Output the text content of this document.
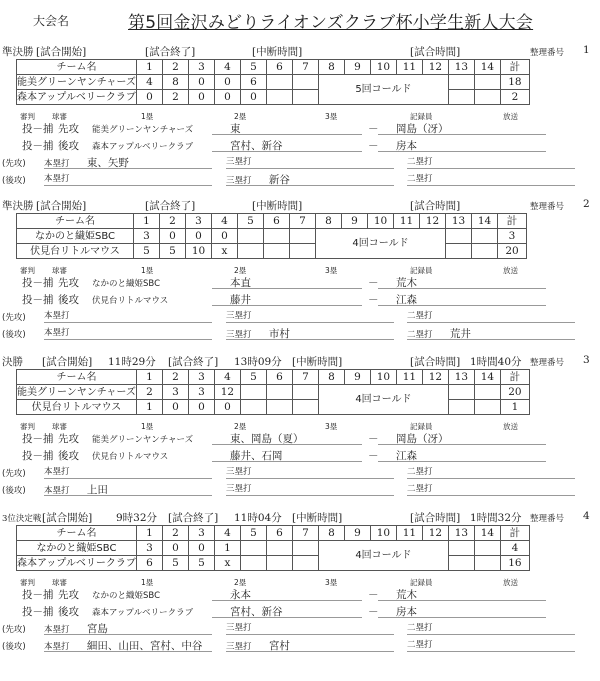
大会名	第5回金沢みどりライオンズクラブ杯小学生新人大会
準決勝 [試合開始]	[試合終了]	[中断時間]	[試合時間]	整理番号 1
チーム名	1	2	3	4	5	6	7	8	9	10	11	12	13	14	計
能美グリーンヤンチャーズ	4	8	0	0	6			5回コールド							18
森本アップルベリークラブ	0	2	0	0	0										2
審判 球審	1塁	2塁	3塁	記録員	放送
投－捕 先攻 能美グリーンヤンチャーズ	東	－	岡島（冴）
投－捕 後攻 森本アップルベリークラブ	宮村、新谷	－	房本
(先攻) 本塁打 東、矢野	三塁打	二塁打
(後攻) 本塁打	三塁打 新谷	二塁打
準決勝 [試合開始]	[試合終了]	[中断時間]	[試合時間]	整理番号 2
チーム名	1	2	3	4	5	6	7	8	9	10	11	12	13	14	計
なかのと繊姫SBC	3	0	0	0				4回コールド							3
伏見台リトルマウス	5	5	10	x											20
審判 球審	1塁	2塁	3塁	記録員	放送
投－捕 先攻 なかのと繊姫SBC	本直	－	荒木
投－捕 後攻 伏見台リトルマウス	藤井	－	江森
(先攻) 本塁打	三塁打	二塁打
(後攻) 本塁打	三塁打 市村	二塁打 荒井
決勝 [試合開始] 11時29分 [試合終了] 13時09分 [中断時間]	[試合時間] 1時間40分 整理番号 3
チーム名	1	2	3	4	5	6	7	8	9	10	11	12	13	14	計
能美グリーンヤンチャーズ	2	3	3	12				4回コールド							20
伏見台リトルマウス	1	0	0	0											1
審判 球審	1塁	2塁	3塁	記録員	放送
投－捕 先攻 能美グリーンヤンチャーズ	東、岡島（夏）	－	岡島（冴）
投－捕 後攻 伏見台リトルマウス	藤井、石岡	－	江森
(先攻) 本塁打	三塁打	二塁打
(後攻) 本塁打 上田	三塁打	二塁打
3位決定戦 [試合開始] 9時32分 [試合終了] 11時04分 [中断時間]	[試合時間] 1時間32分 整理番号 4
チーム名	1	2	3	4	5	6	7	8	9	10	11	12	13	14	計
なかのと織姫SBC	3	0	0	1				4回コールド							4
森本アップルベリークラブ	6	5	5	x											16
審判 球審	1塁	2塁	3塁	記録員	放送
投－捕 先攻 なかのと織姫SBC	永本	－	荒木
投－捕 後攻 森本アップルベリークラブ	宮村、新谷	－	房本
(先攻) 本塁打 宮島	三塁打	二塁打
(後攻) 本塁打 細田、山田、宮村、中谷	三塁打 宮村	二塁打
